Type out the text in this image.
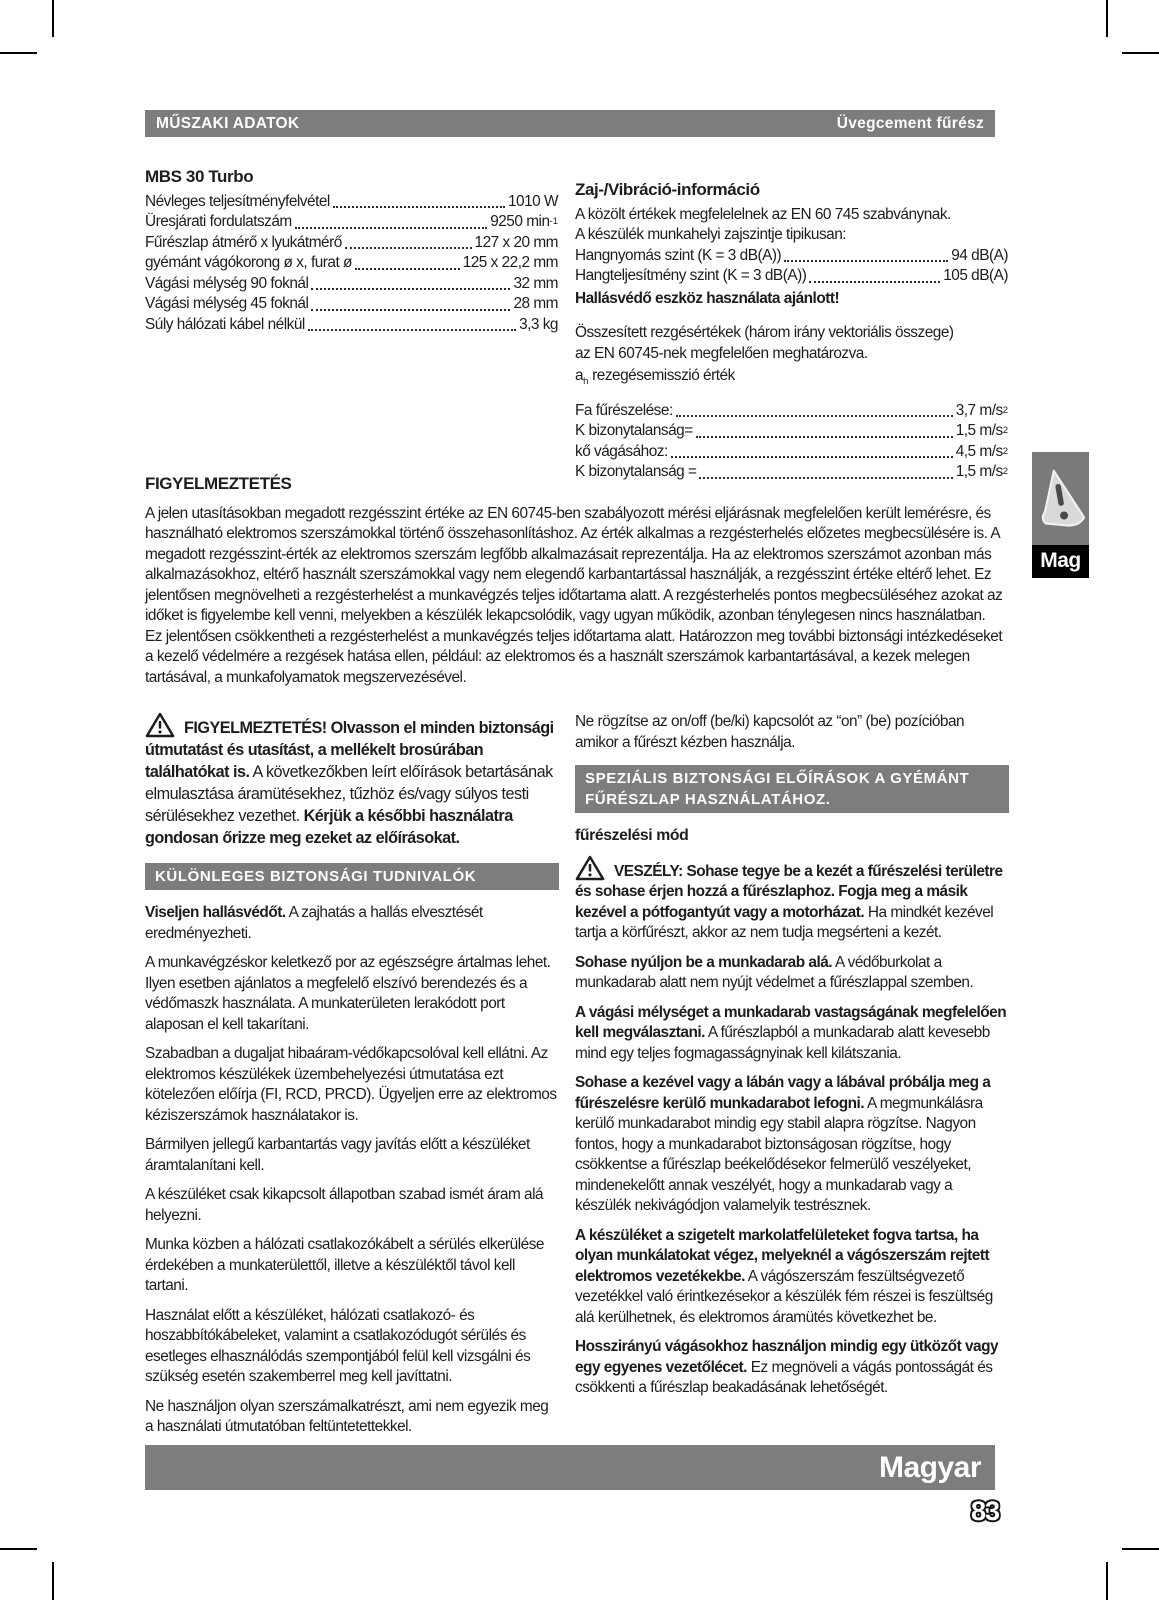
MŰSZAKI ADATOK	Üvegcement fűrész
MBS 30 Turbo
Névleges teljesítményfelvétel	1010 W
Üresjárati fordulatszám	9250 min -1
Fűrészlap átmérő x lyukátmérő	127 x 20 mm
gyémánt vágókorong ø x, furat ø	125 x 22,2 mm
Vágási mélység 90 foknál	32 mm
Vágási mélység 45 foknál	28 mm
Súly hálózati kábel nélkül	3,3 kg
Zaj-/Vibráció-információ
A közölt értékek megfelelelnek az EN 60 745 szabványnak.
A készülék munkahelyi zajszintje tipikusan:
Hangnyomás szint (K = 3 dB(A))	94 dB(A)
Hangteljesítmény szint (K = 3 dB(A))	105 dB(A)
Hallásvédő eszköz használata ajánlott!
Összesített rezgésértékek (három irány vektoriális összege)
az EN 60745-nek megfelelően meghatározva.
$a_h$ rezegésemisszió érték
Fa fűrészelése:	3,7 m/s 2
K bizonytalanság=	1,5 m/s 2
kő vágásához:	4,5 m/s 2
K bizonytalanság =	1,5 m/s 2
FIGYELMEZTETÉS

A jelen utasításokban megadott rezgésszint értéke az EN 60745-ben szabályozott mérési eljárásnak megfelelően került lemérésre, és használható elektromos szerszámokkal történő összehasonlításhoz. Az érték alkalmas a rezgésterhelés előzetes megbecsülésére is. A megadott rezgésszint-érték az elektromos szerszám legfőbb alkalmazásait reprezentálja. Ha az elektromos szerszámot azonban más alkalmazásokhoz, eltérő használt szerszámokkal vagy nem elegendő karbantartással használják, a rezgésszint értéke eltérő lehet. Ez jelentősen megnövelheti a rezgésterhelést a munkavégzés teljes időtartama alatt. A rezgésterhelés pontos megbecsüléséhez azokat az időket is figyelembe kell venni, melyekben a készülék lekapcsolódik, vagy ugyan működik, azonban ténylegesen nincs használatban. Ez jelentősen csökkentheti a rezgésterhelést a munkavégzés teljes időtartama alatt. Határozzon meg további biztonsági intézkedéseket a kezelő védelmére a rezgések hatása ellen, például: az elektromos és a használt szerszámok karbantartásával, a kezek melegen tartásával, a munkafolyamatok megszervezésével.

FIGYELMEZTETÉS! Olvasson el minden biztonsági útmutatást és utasítást, a mellékelt brosúrában találhatókat is. A következőkben leírt előírások betartásának elmulasztása áramütésekhez, tűzhöz és/vagy súlyos testi sérülésekhez vezethet. Kérjük a későbbi használatra gondosan őrizze meg ezeket az előírásokat.

KÜLÖNLEGES BIZTONSÁGI TUDNIVALÓK

Viseljen hallásvédőt. A zajhatás a hallás elvesztését eredményezheti.

A munkavégzéskor keletkező por az egészségre ártalmas lehet. Ilyen esetben ajánlatos a megfelelő elszívó berendezés és a védőmaszk használata. A munkaterületen lerakódott port alaposan el kell takarítani.

Szabadban a dugaljat hibaáram-védőkapcsolóval kell ellátni. Az elektromos készülékek üzembehelyezési útmutatása ezt kötelezően előírja (FI, RCD, PRCD). Ügyeljen erre az elektromos kéziszerszámok használatakor is.

Bármilyen jellegű karbantartás vagy javítás előtt a készüléket áramtalanítani kell.

A készüléket csak kikapcsolt állapotban szabad ismét áram alá helyezni.

Munka közben a hálózati csatlakozókábelt a sérülés elkerülése érdekében a munkaterülettől, illetve a készüléktől távol kell tartani.

Használat előtt a készüléket, hálózati csatlakozó- és hoszabbítókábeleket, valamint a csatlakozódugót sérülés és esetleges elhasználódás szempontjából felül kell vizsgálni és szükség esetén szakemberrel meg kell javíttatni.

Ne használjon olyan szerszámalkatrészt, ami nem egyezik meg a használati útmutatóban feltüntetettekkel.

Ne rögzítse az on/off (be/ki) kapcsolót az “on” (be) pozícióban amikor a fűrészt kézben használja.

SPEZIÁLIS BIZTONSÁGI ELŐÍRÁSOK A GYÉMÁNT FŰRÉSZLAP HASZNÁLATÁHOZ.
fűrészelési mód

VESZÉLY: Sohase tegye be a kezét a fűrészelési területre és sohase érjen hozzá a fűrészlaphoz. Fogja meg a másik kezével a pótfogantyút vagy a motorházat. Ha mindkét kezével tartja a körfűrészt, akkor az nem tudja megsérteni a kezét.

Sohase nyúljon be a munkadarab alá. A védőburkolat a munkadarab alatt nem nyújt védelmet a fűrészlappal szemben.

A vágási mélységet a munkadarab vastagságának megfelelően kell megválasztani. A fűrészlapból a munkadarab alatt kevesebb mind egy teljes fogmagasságnyinak kell kilátszania.

Sohase a kezével vagy a lábán vagy a lábával próbálja meg a fűrészelésre kerülő munkadarabot lefogni. A megmunkálásra kerülő munkadarabot mindig egy stabil alapra rögzítse. Nagyon fontos, hogy a munkadarabot biztonságosan rögzítse, hogy csökkentse a fűrészlap beékelődésekor felmerülő veszélyeket, mindenekelőtt annak veszélyét, hogy a munkadarab vagy a készülék nekivágódjon valamelyik testrésznek.

A készüléket a szigetelt markolatfelületeket fogva tartsa, ha olyan munkálatokat végez, melyeknél a vágószerszám rejtett elektromos vezetékekbe. A vágószerszám feszültségvezető vezetékkel való érintkezésekor a készülék fém részei is feszültség alá kerülhetnek, és elektromos áramütés következhet be.

Hosszirányú vágásokhoz használjon mindig egy ütközőt vagy egy egyenes vezetőlécet. Ez megnöveli a vágás pontosságát és csökkenti a fűrészlap beakadásának lehetőségét.

Mag
Magyar
83
